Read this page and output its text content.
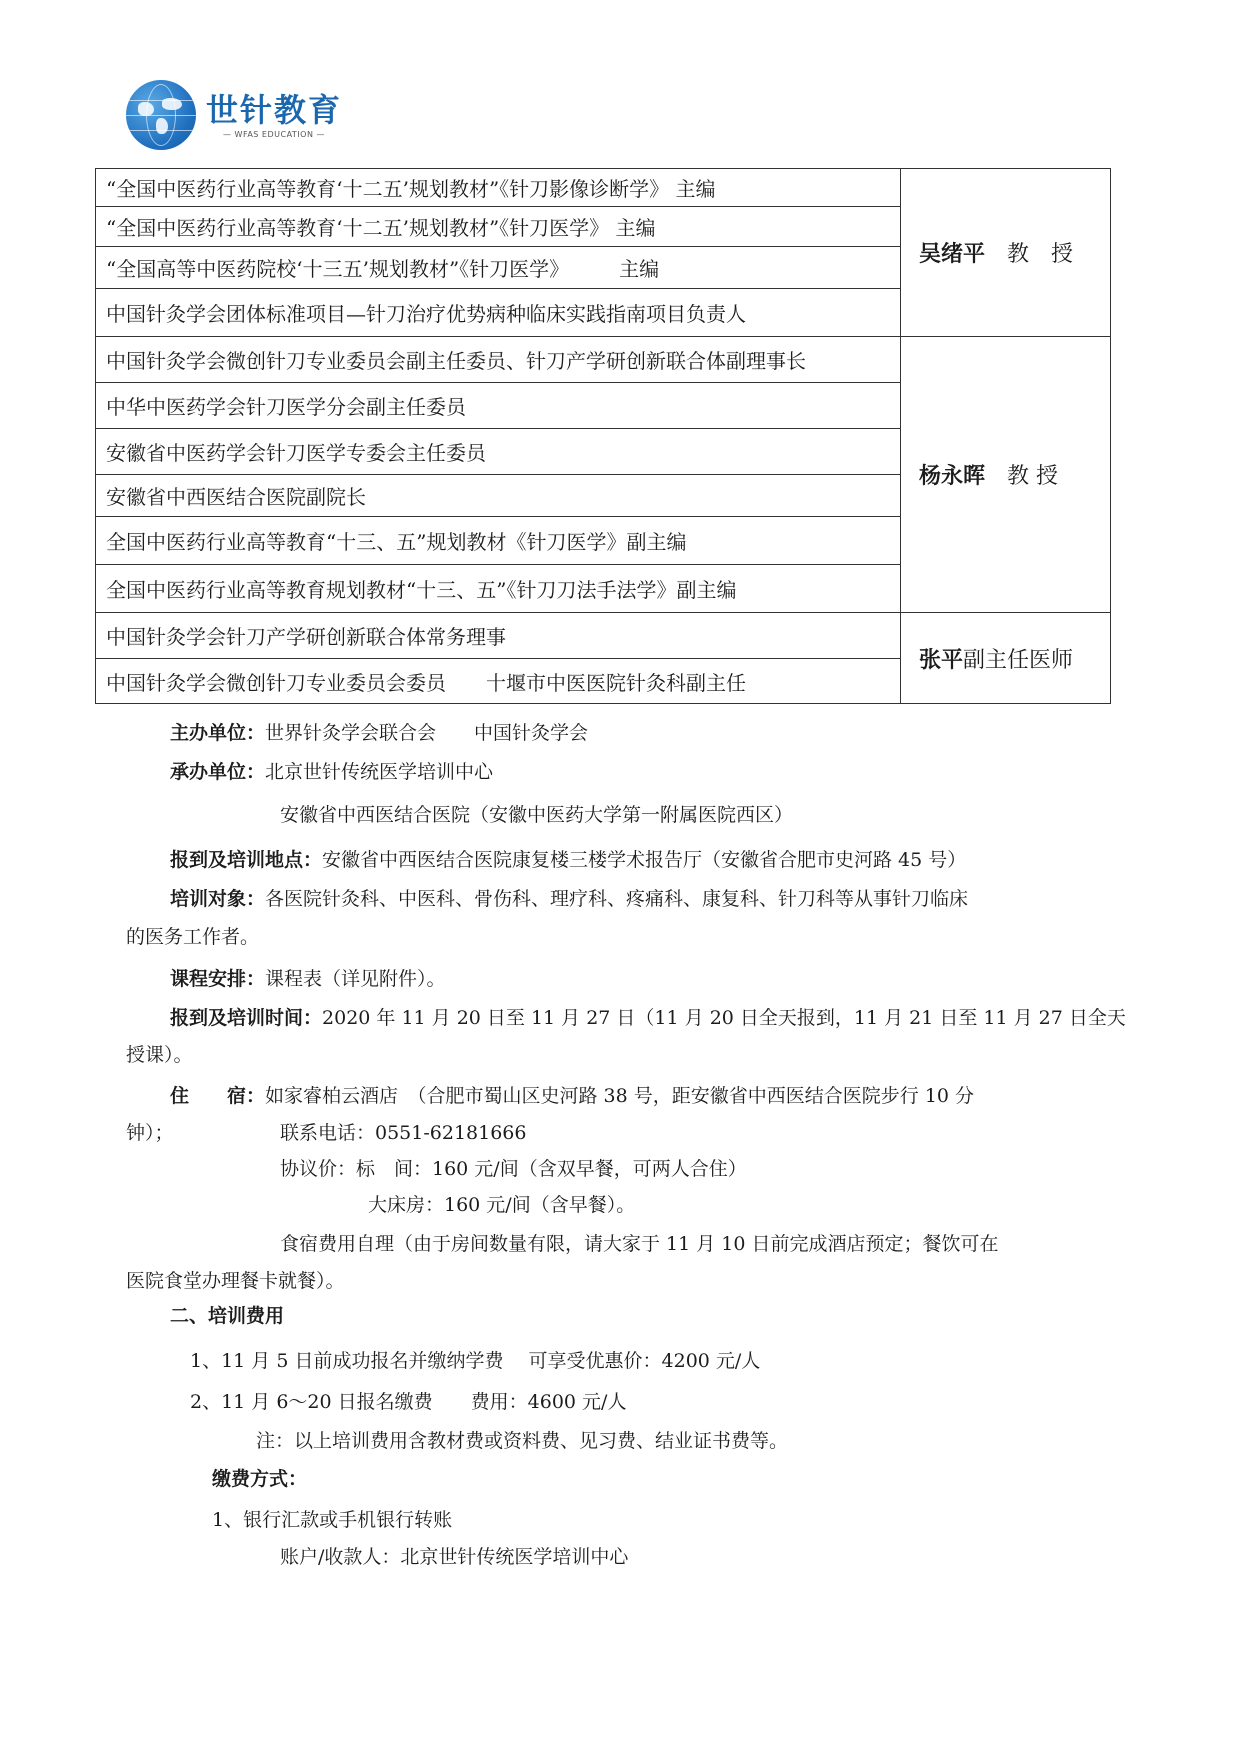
世针教育
— WFAS EDUCATION —
“全国中医药行业高等教育‘十二五’规划教材”《针刀影像诊断学》 主编	吴绪平　 教　授
“全国中医药行业高等教育‘十二五’规划教材”《针刀医学》 主编	
“全国高等中医药院校‘十三五’规划教材”《针刀医学》　　　主编	
中国针灸学会团体标准项目—针刀治疗优势病种临床实践指南项目负责人	
中国针灸学会微创针刀专业委员会副主任委员、针刀产学研创新联合体副理事长	杨永晖　 教 授
中华中医药学会针刀医学分会副主任委员	
安徽省中医药学会针刀医学专委会主任委员	
安徽省中西医结合医院副院长	
全国中医药行业高等教育“十三、五”规划教材《针刀医学》副主编	
全国中医药行业高等教育规划教材“十三、五”《针刀刀法手法学》副主编	
中国针灸学会针刀产学研创新联合体常务理事	张平副主任医师
中国针灸学会微创针刀专业委员会委员　　十堰市中医医院针灸科副主任	
主办单位：世界针灸学会联合会　　中国针灸学会
承办单位：北京世针传统医学培训中心
安徽省中西医结合医院（安徽中医药大学第一附属医院西区）
报到及培训地点：安徽省中西医结合医院康复楼三楼学术报告厅（安徽省合肥市史河路 45 号）
培训对象：各医院针灸科、中医科、骨伤科、理疗科、疼痛科、康复科、针刀科等从事针刀临床
的医务工作者。
课程安排：课程表（详见附件）。
报到及培训时间：2020 年 11 月 20 日至 11 月 27 日（11 月 20 日全天报到，11 月 21 日至 11 月 27 日全天
授课）。
住　　宿：如家睿柏云酒店　（合肥市蜀山区史河路 38 号，距安徽省中西医结合医院步行 10 分
钟）；	联系电话：0551-62181666
协议价：标　间：160 元/间（含双早餐，可两人合住）
大床房：160 元/间（含早餐）。
食宿费用自理（由于房间数量有限，请大家于 11 月 10 日前完成酒店预定；餐饮可在
医院食堂办理餐卡就餐）。
二、培训费用
1、11 月 5 日前成功报名并缴纳学费　 可享受优惠价：4200 元/人
2、11 月 6～20 日报名缴费　　费用：4600 元/人
注：以上培训费用含教材费或资料费、见习费、结业证书费等。
缴费方式：
1、银行汇款或手机银行转账
账户/收款人：北京世针传统医学培训中心
